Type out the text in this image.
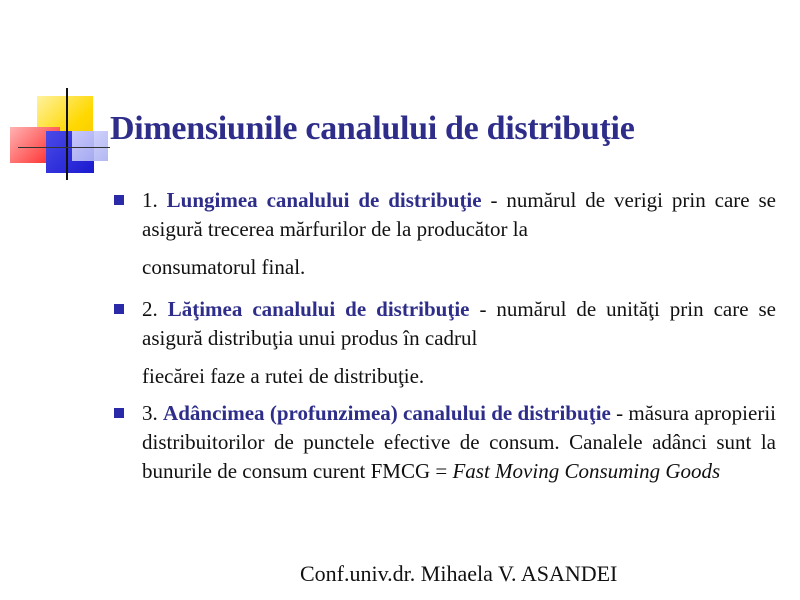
Dimensiunile canalului de distribuţie
1. Lungimea canalului de distribuţie - numărul de verigi prin care se asigură trecerea mărfurilor de la producător la
consumatorul final.
2. Lăţimea canalului de distribuţie - numărul de unităţi prin care se asigură distribuţia unui produs în cadrul
fiecărei faze a rutei de distribuţie.
3. Adâncimea (profunzimea) canalului de distribuţie - măsura apropierii distribuitorilor de punctele efective de consum. Canalele adânci sunt la bunurile de consum curent FMCG = Fast Moving Consuming Goods
Conf.univ.dr. Mihaela V. ASANDEI
